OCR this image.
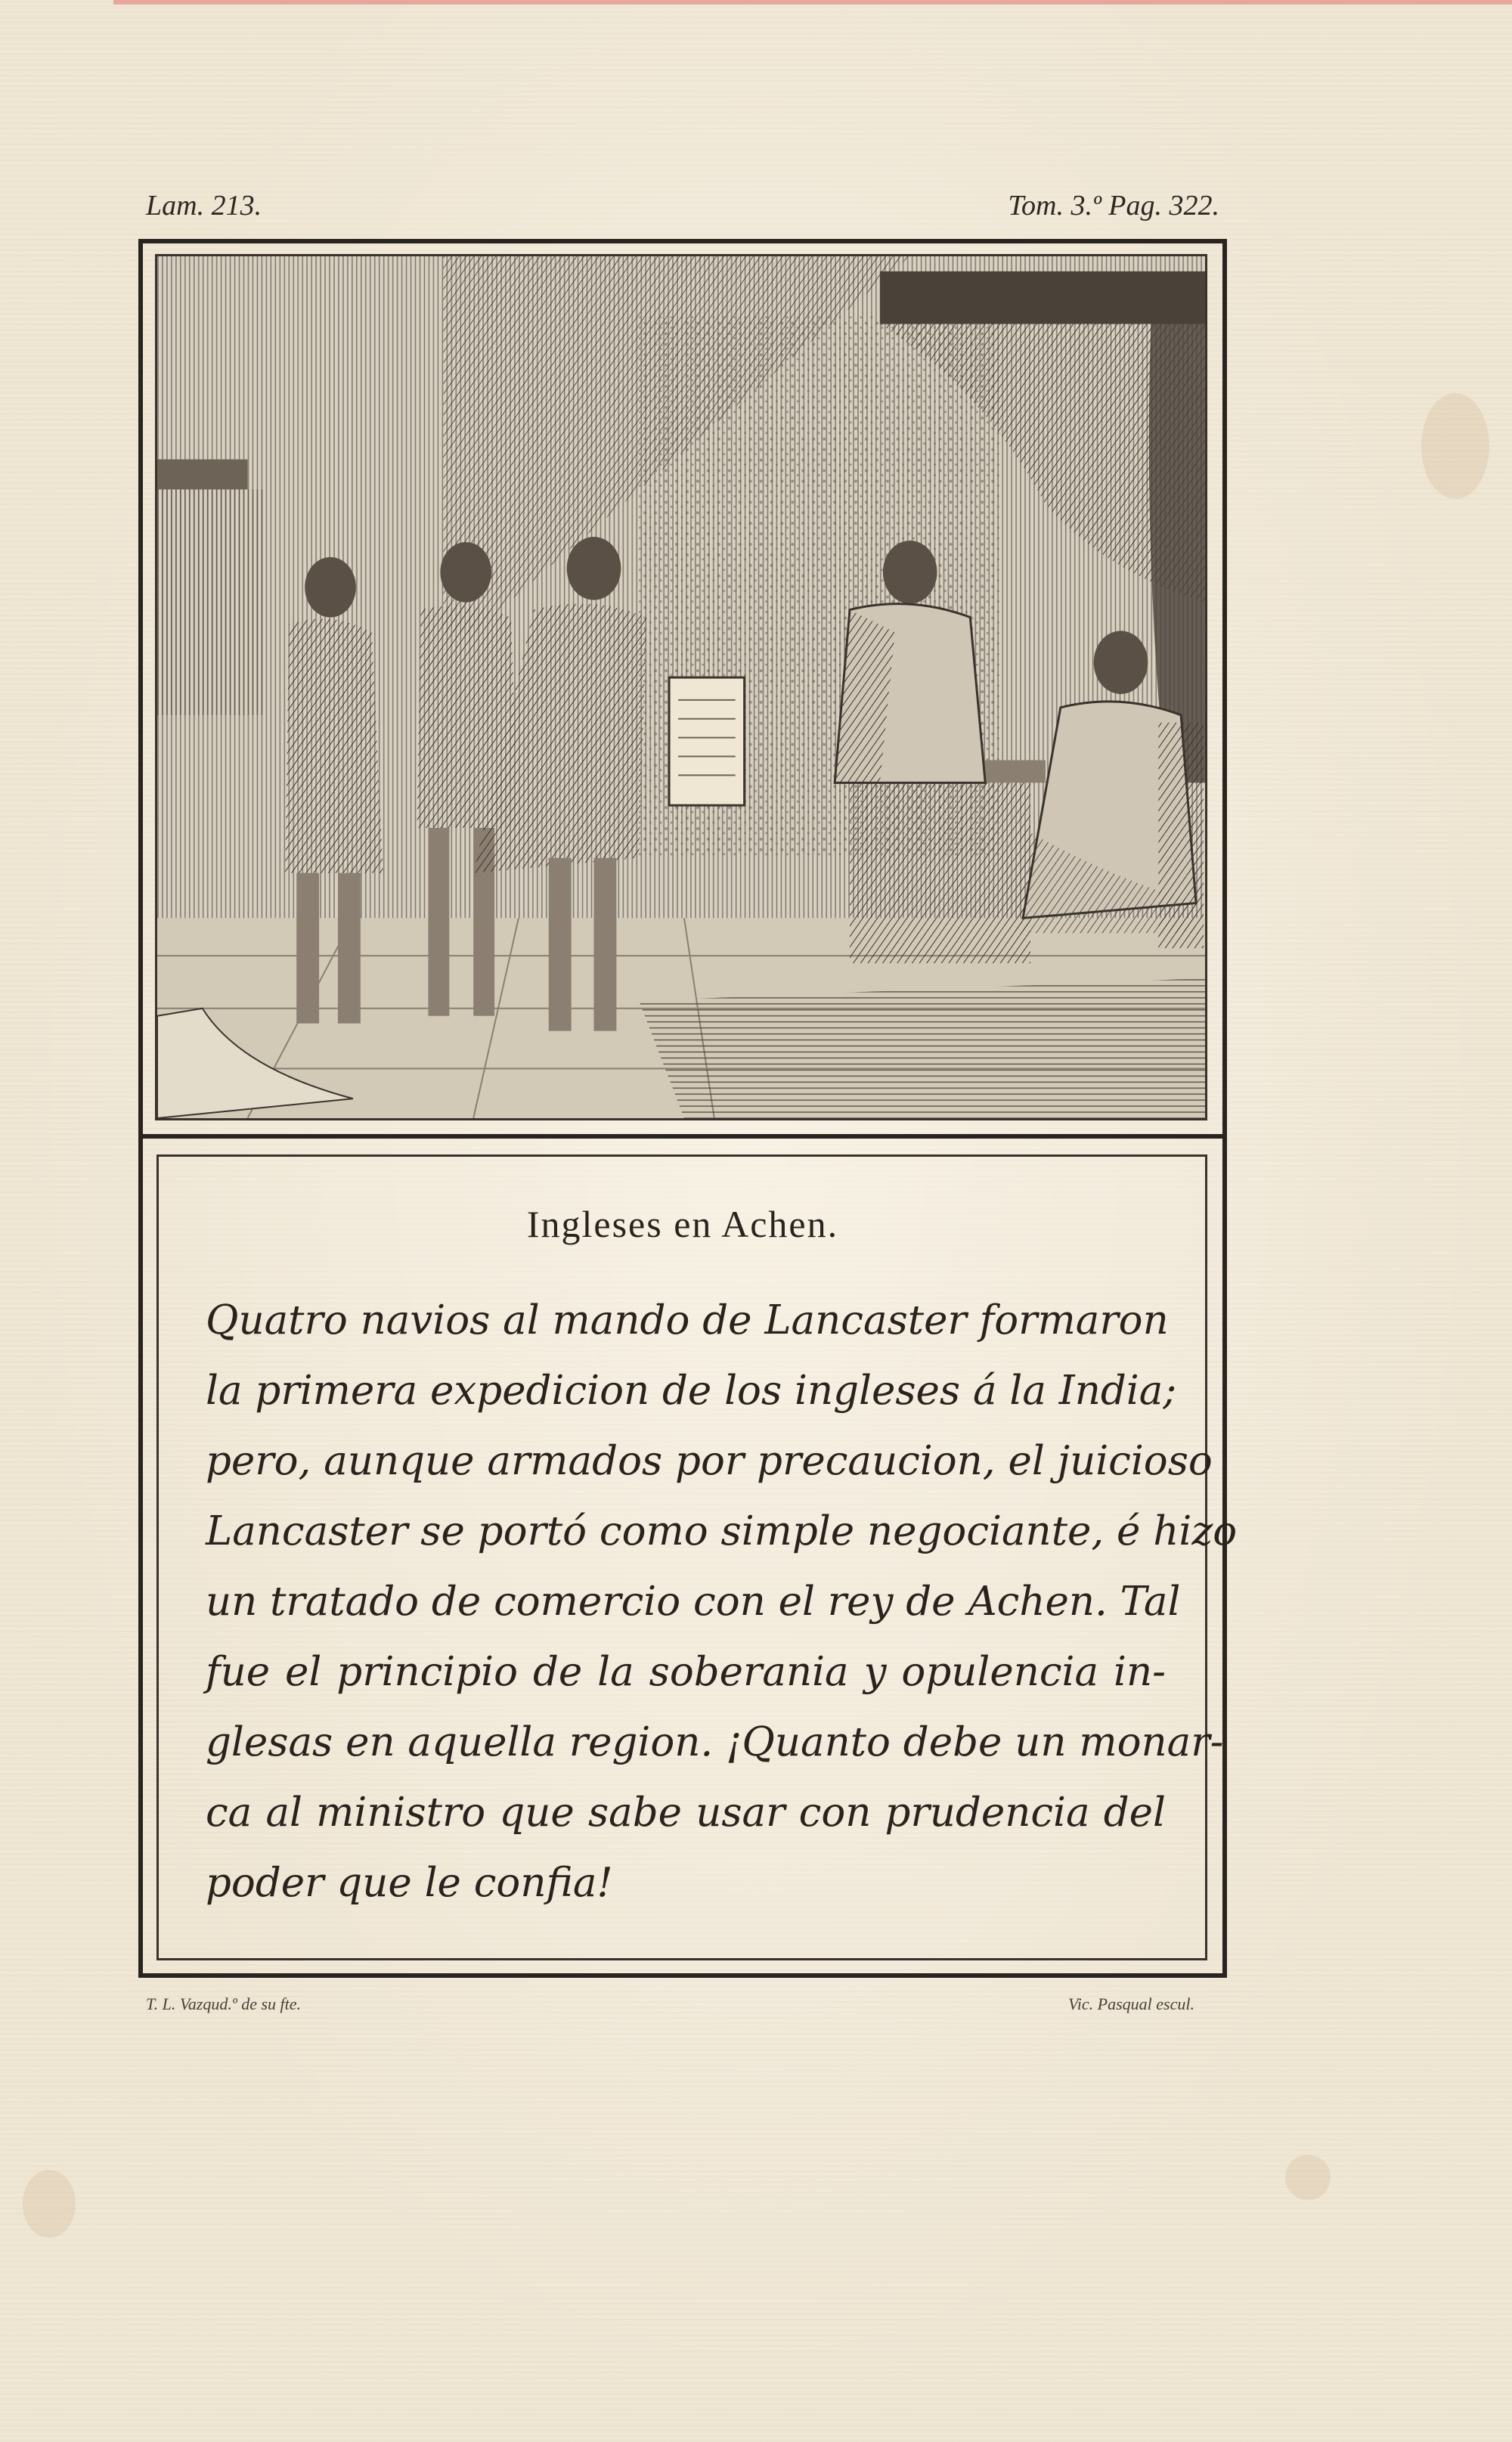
Lam. 213.	Tom. 3.º Pag. 322.
Ingleses en Achen.
Quatro navios al mando de Lancaster formaron
la primera expedicion de los ingleses á la India;
pero, aunque armados por precaucion, el juicioso
Lancaster se portó como simple negociante, é hizo
un tratado de comercio con el rey de Achen. Tal
fue el principio de la soberania y opulencia in-
glesas en aquella region. ¡Quanto debe un monar-
ca al ministro que sabe usar con prudencia del
poder que le confia!
T. L. Vazqud.º de su fte.	Vic. Pasqual escul.
